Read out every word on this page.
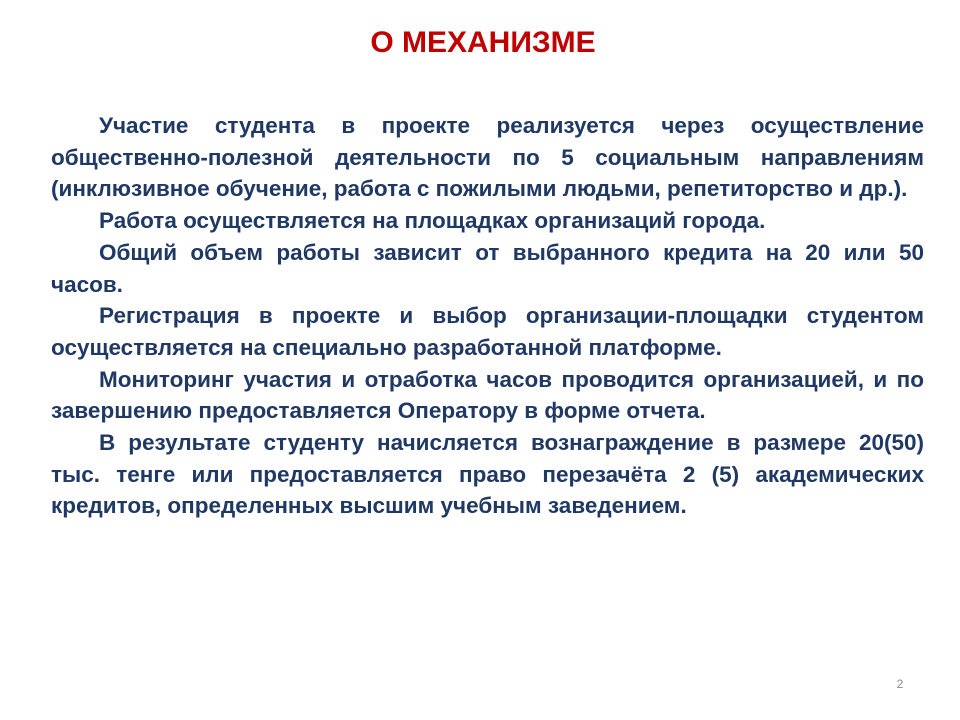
О МЕХАНИЗМЕ

Участие студента в проекте реализуется через осуществление общественно-полезной деятельности по 5 социальным направлениям (инклюзивное обучение, работа с пожилыми людьми, репетиторство и др.).

Работа осуществляется на площадках организаций города.

Общий объем работы зависит от выбранного кредита на 20 или 50 часов.

Регистрация в проекте и выбор организации-площадки студентом осуществляется на специально разработанной платформе.

Мониторинг участия и отработка часов проводится организацией, и по завершению предоставляется Оператору в форме отчета.

В результате студенту начисляется вознаграждение в размере 20(50) тыс. тенге или предоставляется право перезачёта 2 (5) академических кредитов, определенных высшим учебным заведением.

2
